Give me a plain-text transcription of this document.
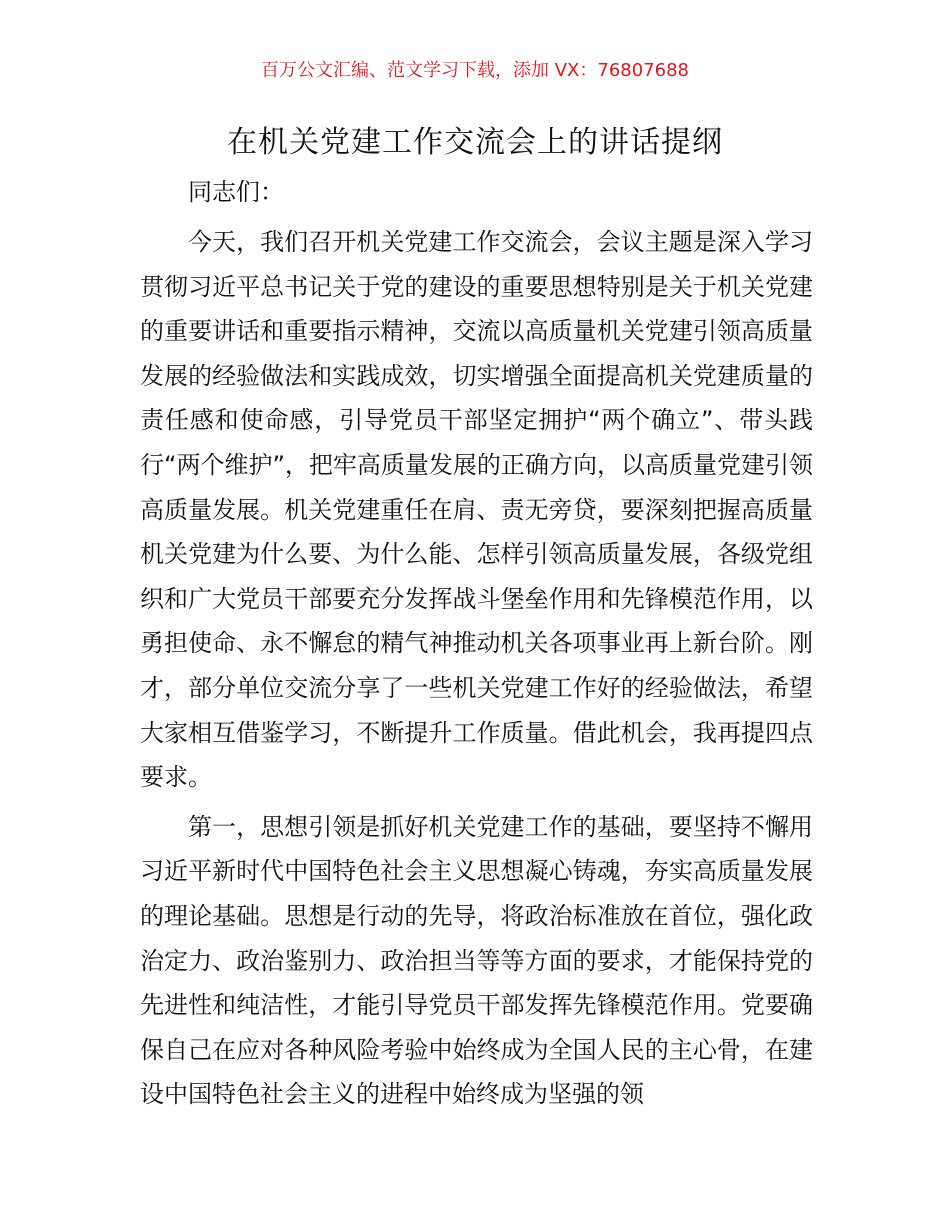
百万公文汇编、范文学习下载，添加 VX：76807688
在机关党建工作交流会上的讲话提纲

同志们：

今天，我们召开机关党建工作交流会，会议主题是深入学习贯彻习近平总书记关于党的建设的重要思想特别是关于机关党建的重要讲话和重要指示精神，交流以高质量机关党建引领高质量发展的经验做法和实践成效，切实增强全面提高机关党建质量的责任感和使命感，引导党员干部坚定拥护“两个确立”、带头践行“两个维护”，把牢高质量发展的正确方向，以高质量党建引领高质量发展。机关党建重任在肩、责无旁贷，要深刻把握高质量机关党建为什么要、为什么能、怎样引领高质量发展，各级党组织和广大党员干部要充分发挥战斗堡垒作用和先锋模范作用，以勇担使命、永不懈怠的精气神推动机关各项事业再上新台阶。刚才，部分单位交流分享了一些机关党建工作好的经验做法，希望大家相互借鉴学习，不断提升工作质量。借此机会，我再提四点要求。

第一，思想引领是抓好机关党建工作的基础，要坚持不懈用习近平新时代中国特色社会主义思想凝心铸魂，夯实高质量发展的理论基础。思想是行动的先导，将政治标准放在首位，强化政治定力、政治鉴别力、政治担当等等方面的要求，才能保持党的先进性和纯洁性，才能引导党员干部发挥先锋模范作用。党要确保自己在应对各种风险考验中始终成为全国人民的主心骨，在建设中国特色社会主义的进程中始终成为坚强的领
